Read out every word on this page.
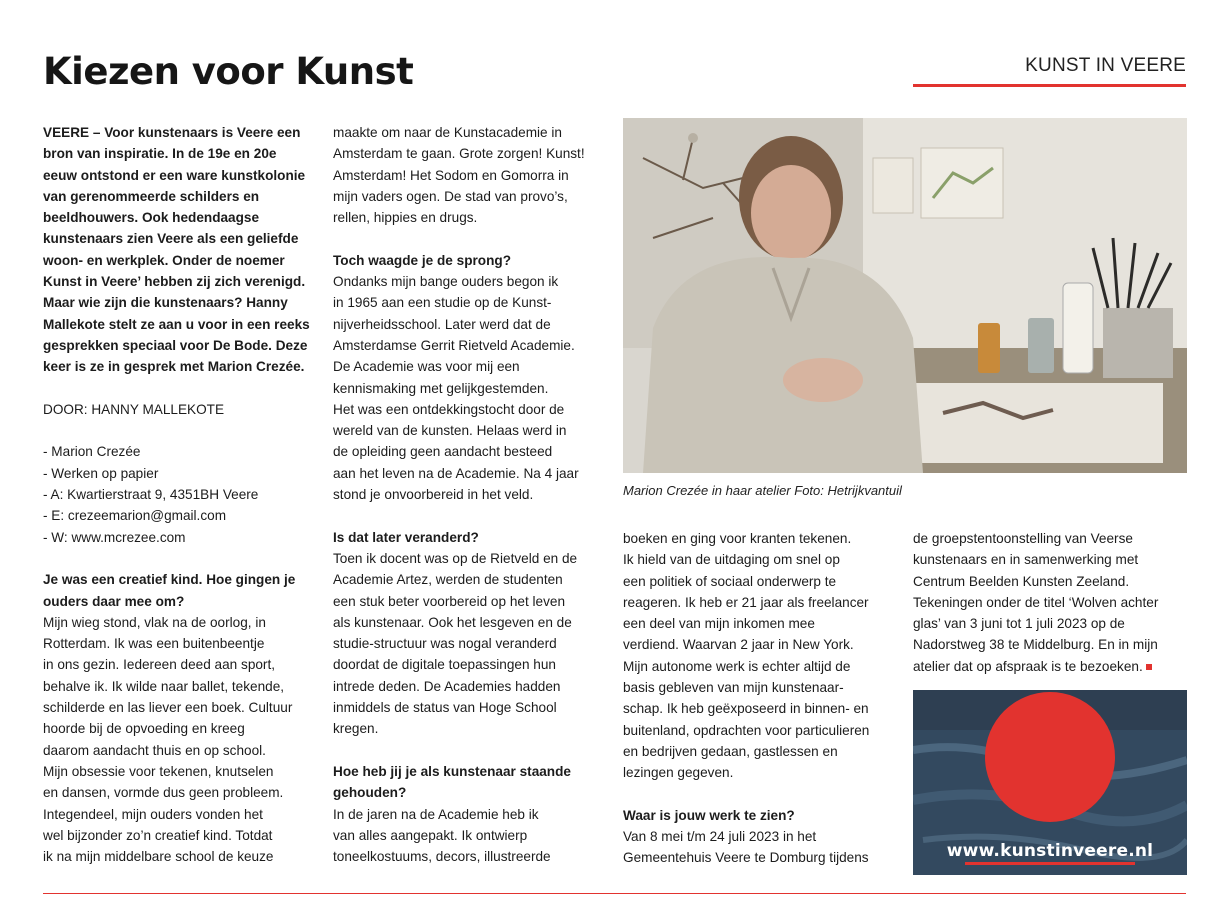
Kiezen voor Kunst	KUNST IN VEERE

VEERE – Voor kunstenaars is Veere een
bron van inspiratie. In de 19e en 20e
eeuw ontstond er een ware kunstkolonie
van gerenommeerde schilders en
beeldhouwers. Ook hedendaagse
kunstenaars zien Veere als een geliefde
woon- en werkplek. Onder de noemer
Kunst in Veere’ hebben zij zich verenigd.
Maar wie zijn die kunstenaars? Hanny
Mallekote stelt ze aan u voor in een reeks
gesprekken speciaal voor De Bode. Deze
keer is ze in gesprek met Marion Crezée.

DOOR: HANNY MALLEKOTE

- Marion Crezée
- Werken op papier
- A: Kwartierstraat 9, 4351BH Veere
- E: crezeemarion@gmail.com
- W: www.mcrezee.com
Je was een creatief kind. Hoe gingen je
ouders daar mee om?

Mijn wieg stond, vlak na de oorlog, in
Rotterdam. Ik was een buitenbeentje
in ons gezin. Iedereen deed aan sport,
behalve ik. Ik wilde naar ballet, tekende,
schilderde en las liever een boek. Cultuur
hoorde bij de opvoeding en kreeg
daarom aandacht thuis en op school.
Mijn obsessie voor tekenen, knutselen
en dansen, vormde dus geen probleem.
Integendeel, mijn ouders vonden het
wel bijzonder zo’n creatief kind. Totdat
ik na mijn middelbare school de keuze

maakte om naar de Kunstacademie in
Amsterdam te gaan. Grote zorgen! Kunst!
Amsterdam! Het Sodom en Gomorra in
mijn vaders ogen. De stad van provo’s,
rellen, hippies en drugs.

Toch waagde je de sprong?

Ondanks mijn bange ouders begon ik
in 1965 aan een studie op de Kunst-
nijverheidsschool. Later werd dat de
Amsterdamse Gerrit Rietveld Academie.
De Academie was voor mij een
kennismaking met gelijkgestemden.
Het was een ontdekkingstocht door de
wereld van de kunsten. Helaas werd in
de opleiding geen aandacht besteed
aan het leven na de Academie. Na 4 jaar
stond je onvoorbereid in het veld.

Is dat later veranderd?

Toen ik docent was op de Rietveld en de
Academie Artez, werden de studenten
een stuk beter voorbereid op het leven
als kunstenaar. Ook het lesgeven en de
studie-structuur was nogal veranderd
doordat de digitale toepassingen hun
intrede deden. De Academies hadden
inmiddels de status van Hoge School
kregen.

Hoe heb jij je als kunstenaar staande
gehouden?

In de jaren na de Academie heb ik
van alles aangepakt. Ik ontwierp
toneelkostuums, decors, illustreerde

Marion Crezée in haar atelier Foto: Hetrijkvantuil

boeken en ging voor kranten tekenen.
Ik hield van de uitdaging om snel op
een politiek of sociaal onderwerp te
reageren. Ik heb er 21 jaar als freelancer
een deel van mijn inkomen mee
verdiend. Waarvan 2 jaar in New York.
Mijn autonome werk is echter altijd de
basis gebleven van mijn kunstenaar-
schap. Ik heb geëxposeerd in binnen- en
buitenland, opdrachten voor particulieren
en bedrijven gedaan, gastlessen en
lezingen gegeven.

Waar is jouw werk te zien?

Van 8 mei t/m 24 juli 2023 in het
Gemeentehuis Veere te Domburg tijdens

de groepstentoonstelling van Veerse
kunstenaars en in samenwerking met
Centrum Beelden Kunsten Zeeland.
Tekeningen onder de titel ‘Wolven achter
glas’ van 3 juni tot 1 juli 2023 op de
Nadorstweg 38 te Middelburg. En in mijn
atelier dat op afspraak is te bezoeken.

www.kunstinveere.nl
